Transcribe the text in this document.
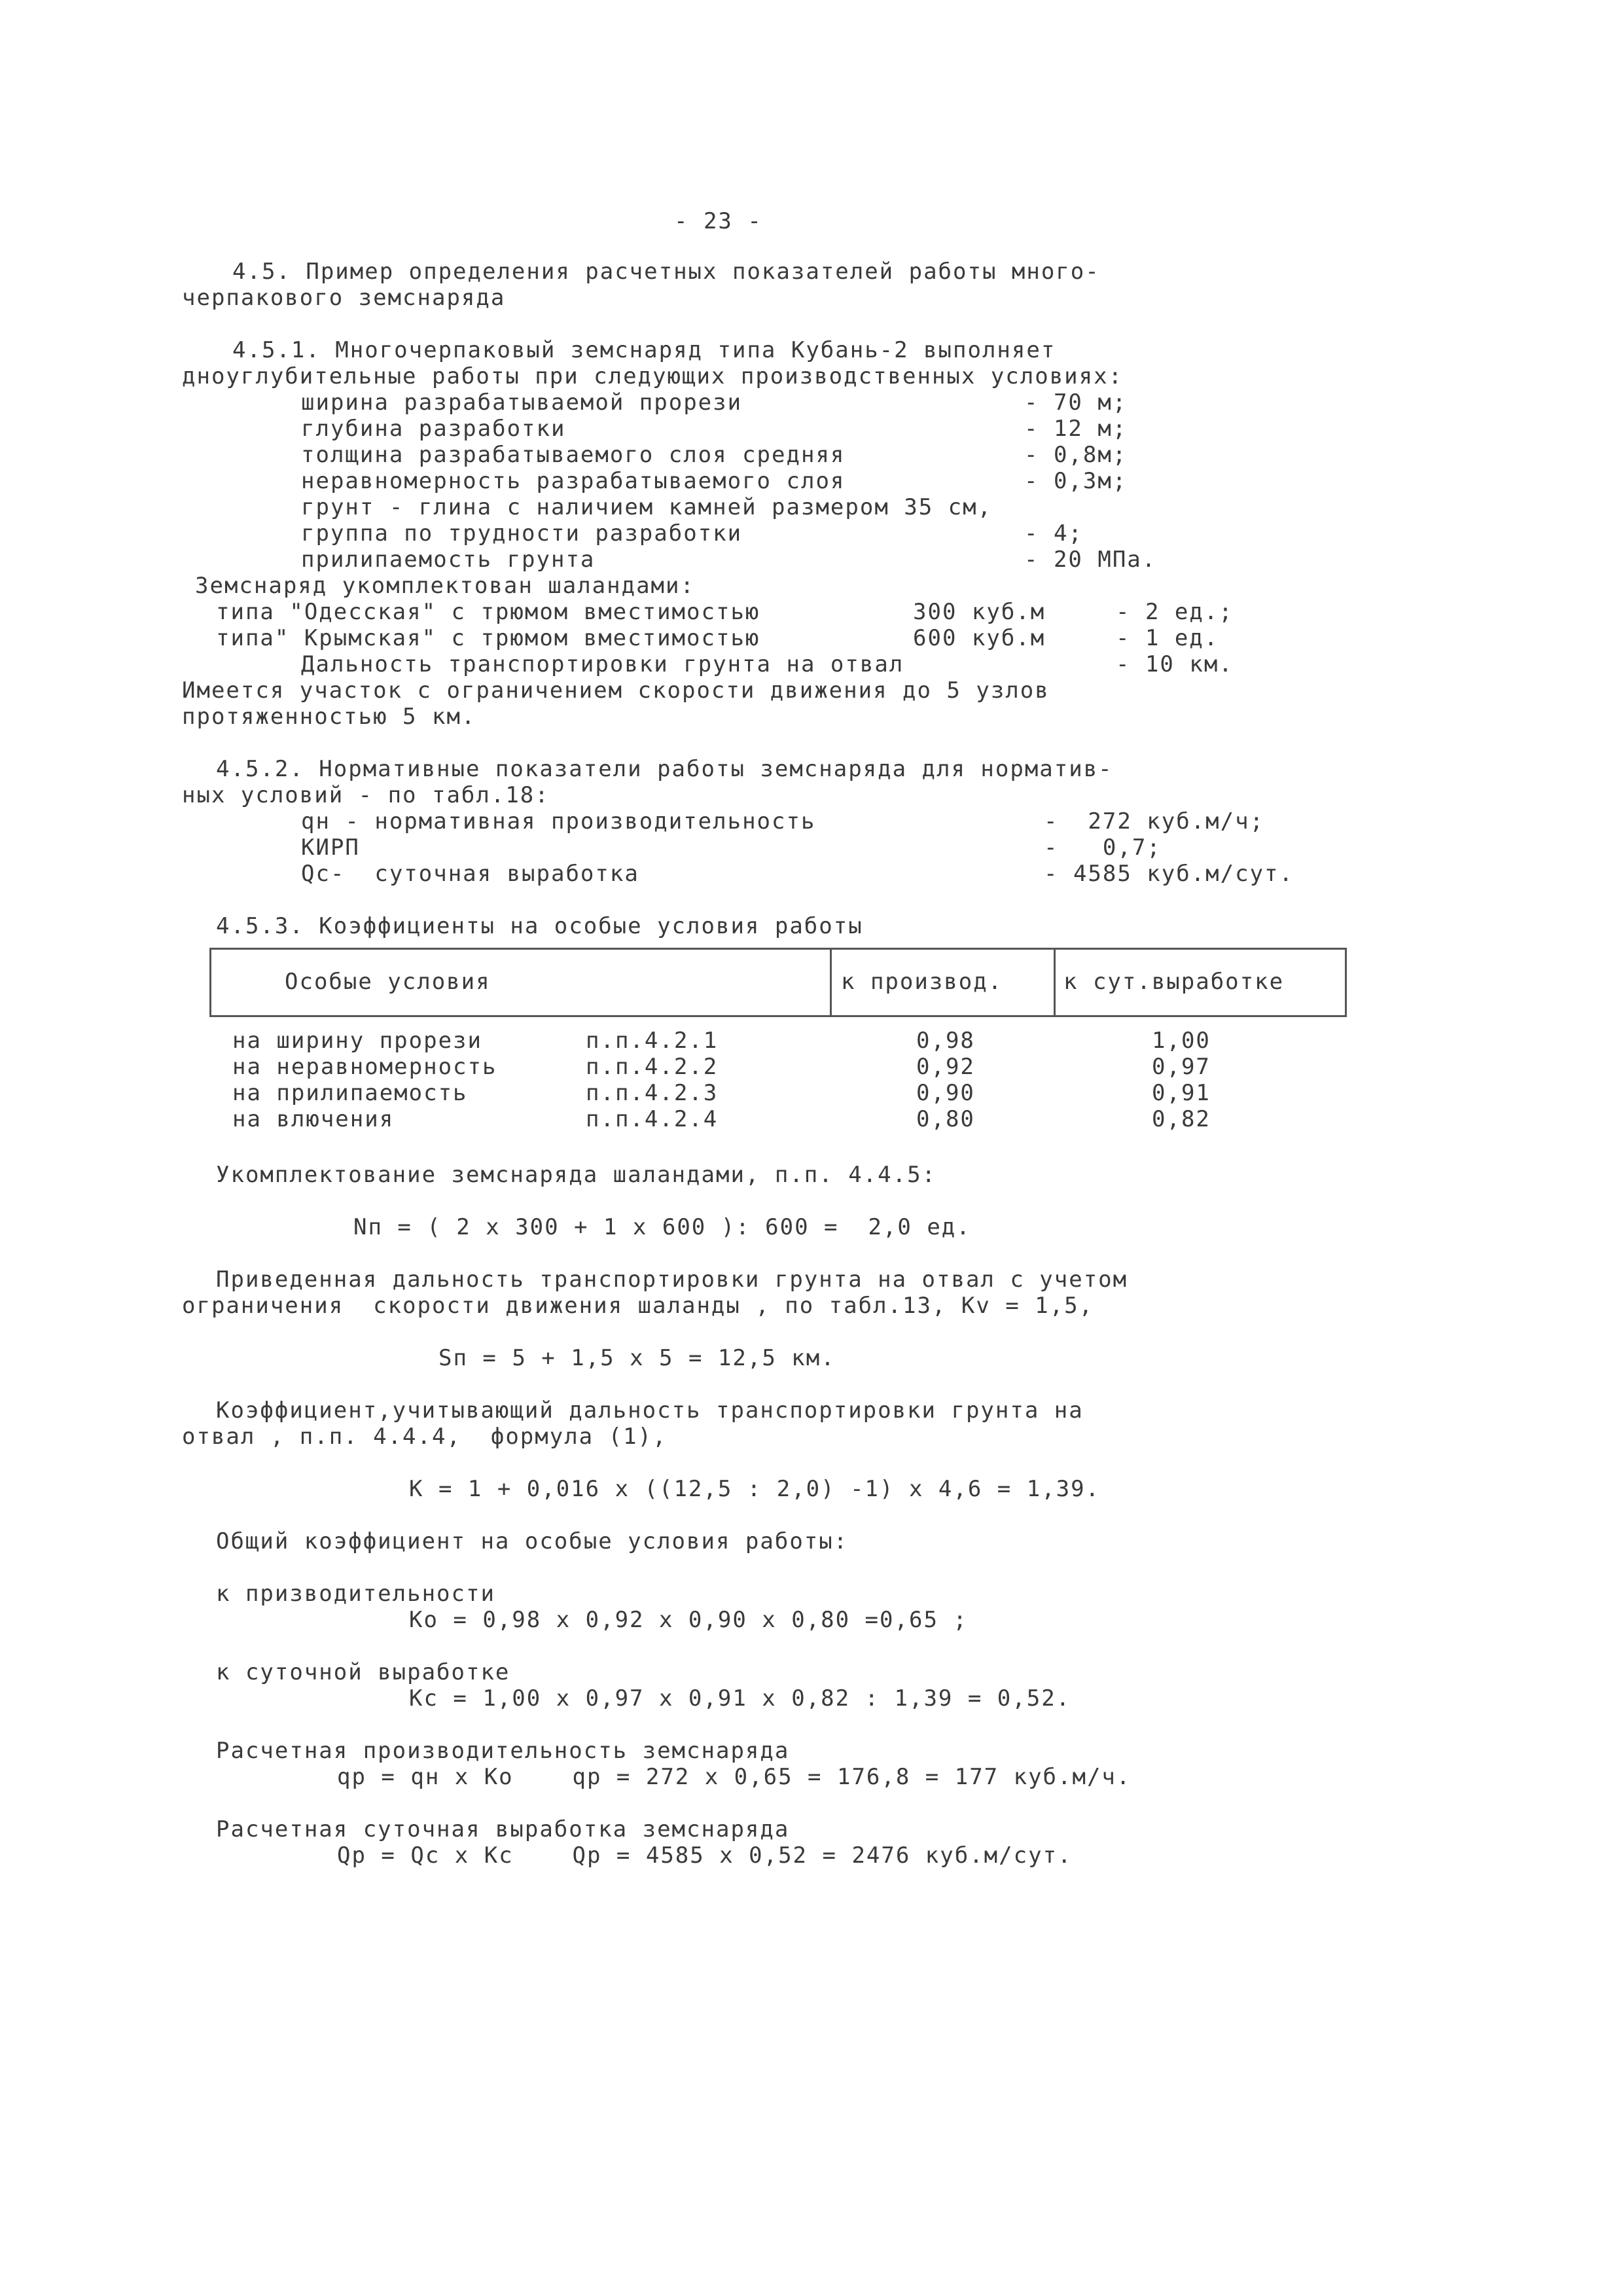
- 23 -
4.5. Пример определения расчетных показателей работы много-
черпакового земснаряда
4.5.1. Многочерпаковый земснаряд типа Кубань-2 выполняет
дноуглубительные работы при следующих производственных условиях:
ширина разрабатываемой прорези	- 70 м;
глубина разработки	- 12 м;
толщина разрабатываемого слоя средняя	- 0,8м;
неравномерность разрабатываемого слоя	- 0,3м;
грунт - глина с наличием камней размером 35 см,
группа по трудности разработки	- 4;
прилипаемость грунта	- 20 МПа.
Земснаряд укомплектован шаландами:
типа "Одесская" с трюмом вместимостью	300 куб.м	- 2 ед.;
типа" Крымская" с трюмом вместимостью	600 куб.м	- 1 ед.
Дальность транспортировки грунта на отвал	- 10 км.
Имеется участок с ограничением скорости движения до 5 узлов
протяженностью 5 км.
4.5.2. Нормативные показатели работы земснаряда для норматив-
ных условий - по табл.18:
qн - нормативная производительность	-  272 куб.м/ч;
КИРП	-   0,7;
Qc-  суточная выработка	- 4585 куб.м/сут.
4.5.3. Коэффициенты на особые условия работы
Особые условия	к производ.	к сут.выработке
на ширину прорези	п.п.4.2.1	0,98	1,00
на неравномерность	п.п.4.2.2	0,92	0,97
на прилипаемость	п.п.4.2.3	0,90	0,91
на влючения	п.п.4.2.4	0,80	0,82
Укомплектование земснаряда шаландами, п.п. 4.4.5:
Nп = ( 2 х 300 + 1 х 600 ): 600 =  2,0 ед.
Приведенная дальность транспортировки грунта на отвал с учетом
ограничения  скорости движения шаланды , по табл.13, Kv = 1,5,
Sп = 5 + 1,5 х 5 = 12,5 км.
Коэффициент,учитывающий дальность транспортировки грунта на
отвал , п.п. 4.4.4,  формула (1),
К = 1 + 0,016 х ((12,5 : 2,0) -1) х 4,6 = 1,39.
Общий коэффициент на особые условия работы:
к призводительности
Ко = 0,98 х 0,92 х 0,90 х 0,80 =0,65 ;
к суточной выработке
Кс = 1,00 х 0,97 х 0,91 х 0,82 : 1,39 = 0,52.
Расчетная производительность земснаряда
qр = qн х Ко    qр = 272 х 0,65 = 176,8 = 177 куб.м/ч.
Расчетная суточная выработка земснаряда
Qр = Qс х Кс    Qр = 4585 х 0,52 = 2476 куб.м/сут.
